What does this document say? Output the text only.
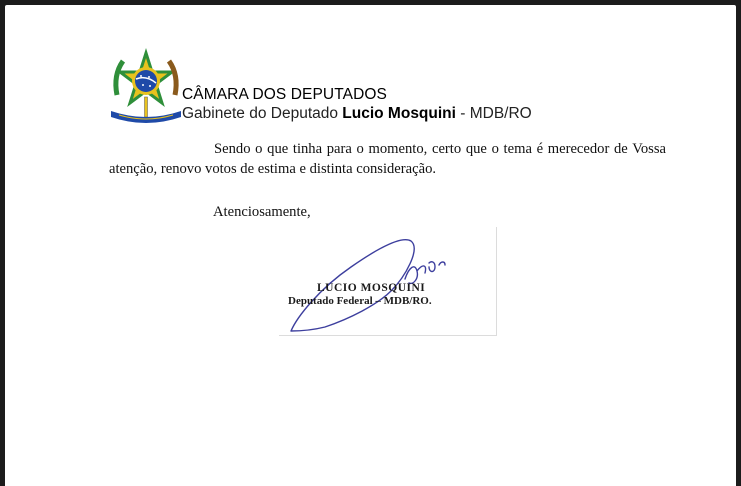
CÂMARA DOS DEPUTADOS
Gabinete do Deputado Lucio Mosquini - MDB/RO

Sendo o que tinha para o momento, certo que o tema é merecedor de Vossa atenção, renovo votos de estima e distinta consideração.

Atenciosamente,
LUCIO MOSQUINI
Deputado Federal – MDB/RO.
